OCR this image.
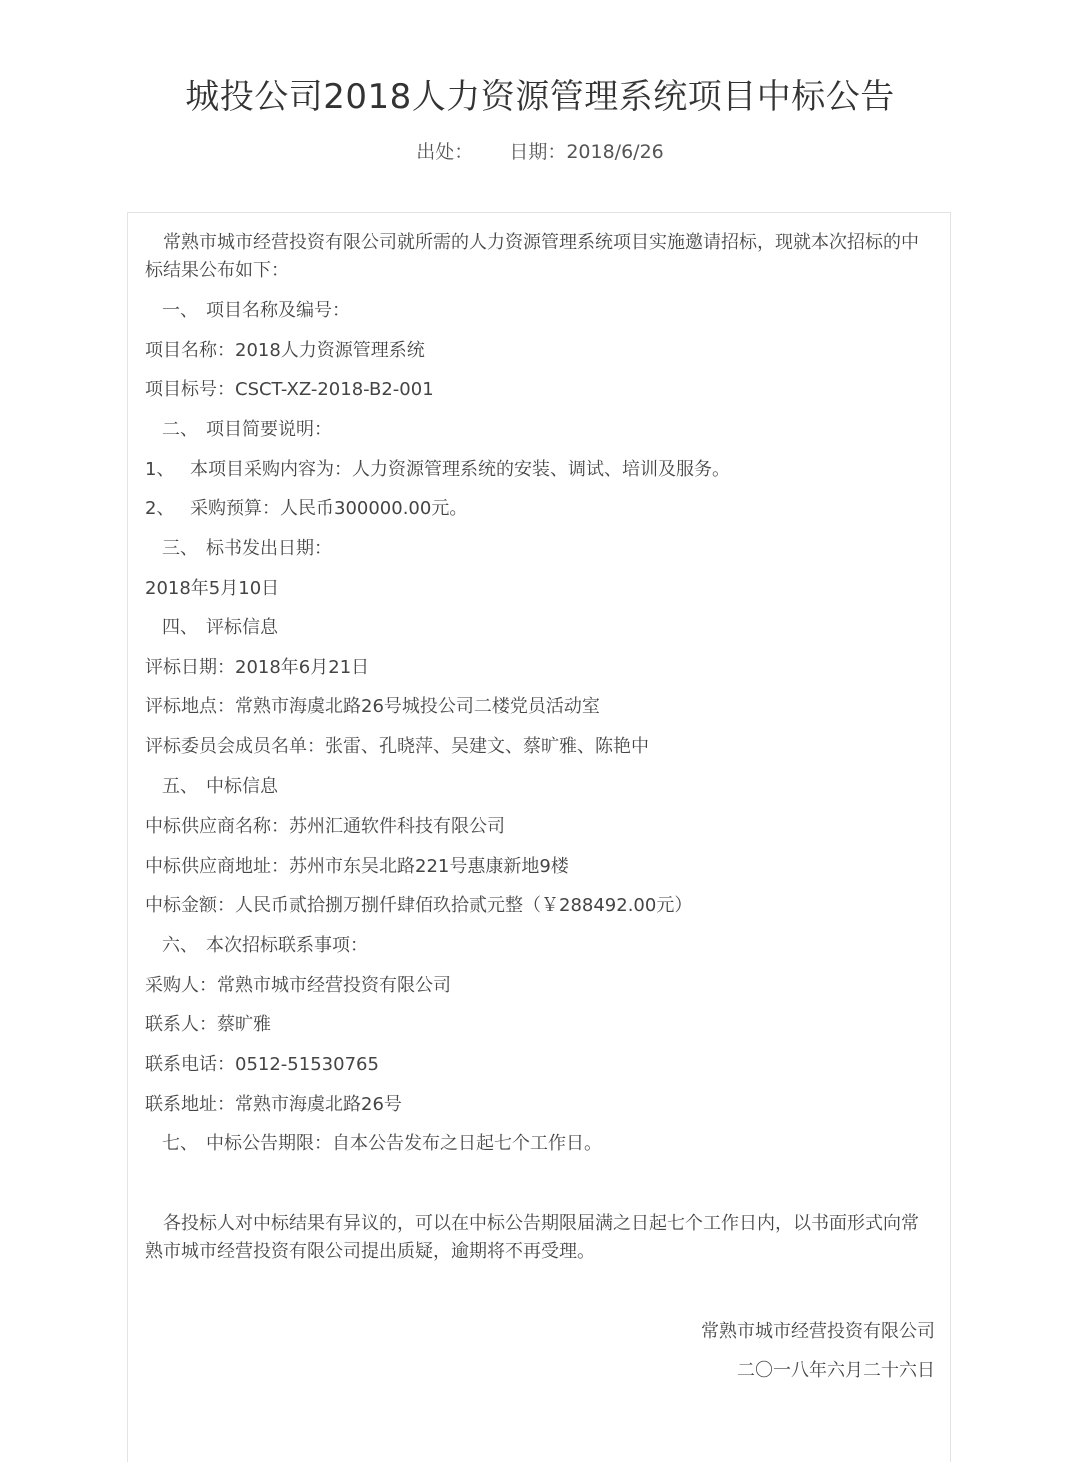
城投公司2018人力资源管理系统项目中标公告
出处： 日期：2018/6/26
常熟市城市经营投资有限公司就所需的人力资源管理系统项目实施邀请招标，现就本次招标的中标结果公布如下：
一、 项目名称及编号：
项目名称：2018人力资源管理系统
项目标号：CSCT-XZ-2018-B2-001
二、 项目简要说明：
1、 本项目采购内容为：人力资源管理系统的安装、调试、培训及服务。
2、 采购预算：人民币300000.00元。
三、 标书发出日期：
2018年5月10日
四、 评标信息
评标日期：2018年6月21日
评标地点：常熟市海虞北路26号城投公司二楼党员活动室
评标委员会成员名单：张雷、孔晓萍、吴建文、蔡旷雅、陈艳中
五、 中标信息
中标供应商名称：苏州汇通软件科技有限公司
中标供应商地址：苏州市东吴北路221号惠康新地9楼
中标金额：人民币贰拾捌万捌仟肆佰玖拾贰元整（￥288492.00元）
六、 本次招标联系事项：
采购人：常熟市城市经营投资有限公司
联系人：蔡旷雅
联系电话：0512-51530765
联系地址：常熟市海虞北路26号
七、 中标公告期限：自本公告发布之日起七个工作日。
各投标人对中标结果有异议的，可以在中标公告期限届满之日起七个工作日内，以书面形式向常熟市城市经营投资有限公司提出质疑，逾期将不再受理。
常熟市城市经营投资有限公司
二〇一八年六月二十六日
